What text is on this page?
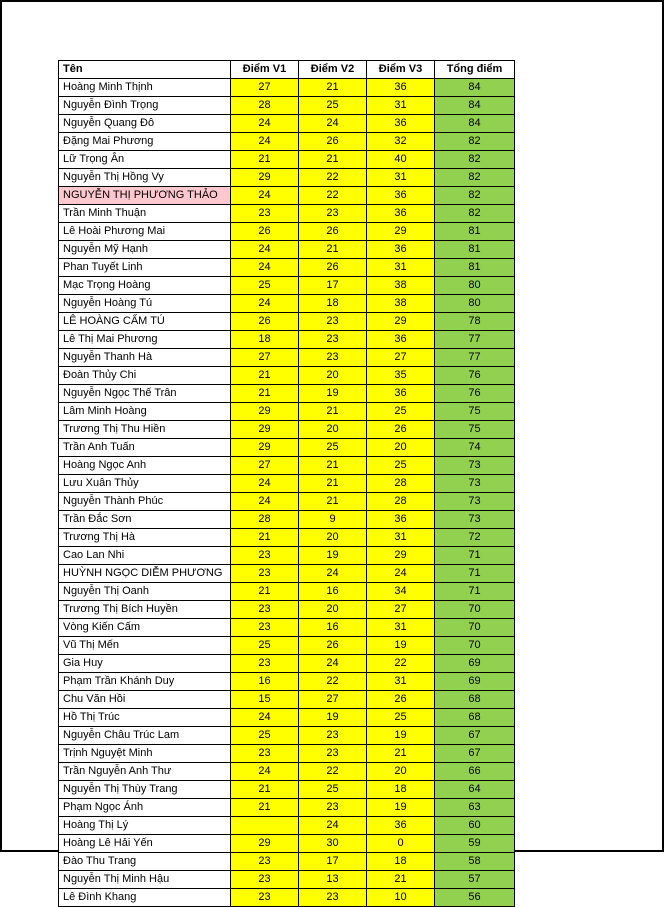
Tên	Điểm V1	Điểm V2	Điểm V3	Tổng điểm
Hoàng Minh Thịnh	27	21	36	84
Nguyễn Đình Trọng	28	25	31	84
Nguyễn Quang Đô	24	24	36	84
Đặng Mai Phương	24	26	32	82
Lữ Trọng Ân	21	21	40	82
Nguyễn Thị Hồng Vy	29	22	31	82
NGUYỄN THỊ PHƯƠNG THẢO	24	22	36	82
Trần Minh Thuận	23	23	36	82
Lê Hoài Phương Mai	26	26	29	81
Nguyễn Mỹ Hạnh	24	21	36	81
Phan Tuyết Linh	24	26	31	81
Mạc Trọng Hoàng	25	17	38	80
Nguyễn Hoàng Tú	24	18	38	80
LÊ HOÀNG CẨM TÚ	26	23	29	78
Lê Thị Mai Phương	18	23	36	77
Nguyễn Thanh Hà	27	23	27	77
Đoàn Thủy Chi	21	20	35	76
Nguyễn Ngọc Thế Trân	21	19	36	76
Lâm Minh Hoàng	29	21	25	75
Trương Thị Thu Hiền	29	20	26	75
Trần Anh Tuấn	29	25	20	74
Hoàng Ngọc Anh	27	21	25	73
Lưu Xuân Thủy	24	21	28	73
Nguyễn Thành Phúc	24	21	28	73
Trần Đắc Sơn	28	9	36	73
Trương Thị Hà	21	20	31	72
Cao Lan Nhi	23	19	29	71
HUỲNH NGỌC DIỄM PHƯƠNG	23	24	24	71
Nguyễn Thị Oanh	21	16	34	71
Trương Thị Bích Huyền	23	20	27	70
Vòng Kiến Cấm	23	16	31	70
Vũ Thị Mến	25	26	19	70
Gia Huy	23	24	22	69
Phạm Trần Khánh Duy	16	22	31	69
Chu Văn Hồi	15	27	26	68
Hồ Thị Trúc	24	19	25	68
Nguyễn Châu Trúc Lam	25	23	19	67
Trịnh Nguyệt Minh	23	23	21	67
Trần Nguyễn Anh Thư	24	22	20	66
Nguyễn Thị Thùy Trang	21	25	18	64
Phạm Ngọc Ánh	21	23	19	63
Hoàng Thị Lý		24	36	60
Hoàng Lê Hải Yến	29	30	0	59
Đào Thu Trang	23	17	18	58
Nguyễn Thị Minh Hậu	23	13	21	57
Lê Đình Khang	23	23	10	56
